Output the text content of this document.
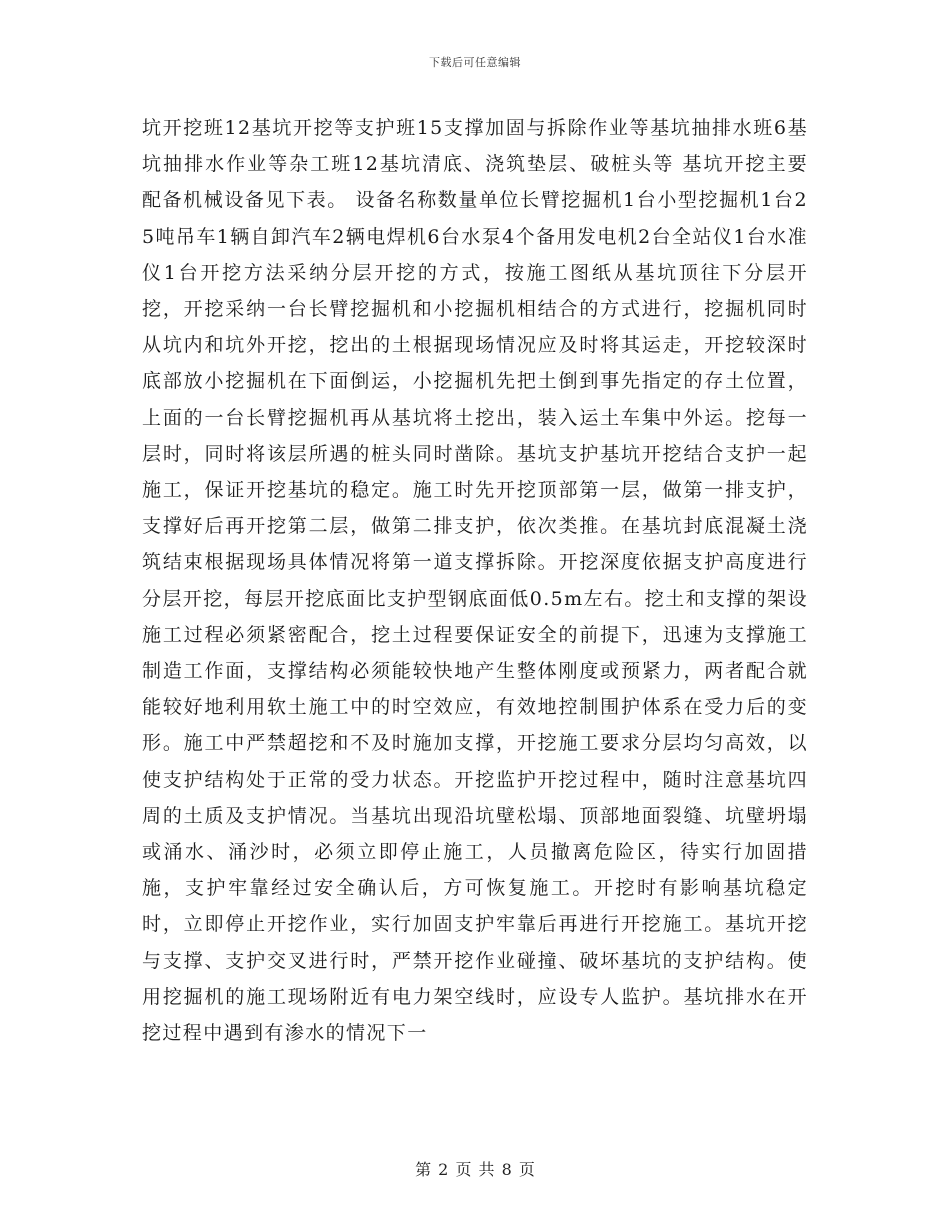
下载后可任意编辑

坑开挖班12基坑开挖等支护班15支撑加固与拆除作业等基坑抽排水班6基坑抽排水作业等杂工班12基坑清底、浇筑垫层、破桩头等 基坑开挖主要配备机械设备见下表。 设备名称数量单位长臂挖掘机1台小型挖掘机1台25吨吊车1辆自卸汽车2辆电焊机6台水泵4个备用发电机2台全站仪1台水准仪1台开挖方法采纳分层开挖的方式，按施工图纸从基坑顶往下分层开挖，开挖采纳一台长臂挖掘机和小挖掘机相结合的方式进行，挖掘机同时从坑内和坑外开挖，挖出的土根据现场情况应及时将其运走，开挖较深时底部放小挖掘机在下面倒运，小挖掘机先把土倒到事先指定的存土位置，上面的一台长臂挖掘机再从基坑将土挖出，装入运土车集中外运。挖每一层时，同时将该层所遇的桩头同时凿除。基坑支护基坑开挖结合支护一起施工，保证开挖基坑的稳定。施工时先开挖顶部第一层，做第一排支护，支撑好后再开挖第二层，做第二排支护，依次类推。在基坑封底混凝土浇筑结束根据现场具体情况将第一道支撑拆除。开挖深度依据支护高度进行分层开挖，每层开挖底面比支护型钢底面低0.5m左右。挖土和支撑的架设施工过程必须紧密配合，挖土过程要保证安全的前提下，迅速为支撑施工制造工作面，支撑结构必须能较快地产生整体刚度或预紧力，两者配合就能较好地利用软土施工中的时空效应，有效地控制围护体系在受力后的变形。施工中严禁超挖和不及时施加支撑，开挖施工要求分层均匀高效，以使支护结构处于正常的受力状态。开挖监护开挖过程中，随时注意基坑四周的土质及支护情况。当基坑出现沿坑壁松塌、顶部地面裂缝、坑壁坍塌或涌水、涌沙时，必须立即停止施工，人员撤离危险区，待实行加固措施，支护牢靠经过安全确认后，方可恢复施工。开挖时有影响基坑稳定时，立即停止开挖作业，实行加固支护牢靠后再进行开挖施工。基坑开挖与支撑、支护交叉进行时，严禁开挖作业碰撞、破坏基坑的支护结构。使用挖掘机的施工现场附近有电力架空线时，应设专人监护。基坑排水在开挖过程中遇到有渗水的情况下一

第 2 页 共 8 页
